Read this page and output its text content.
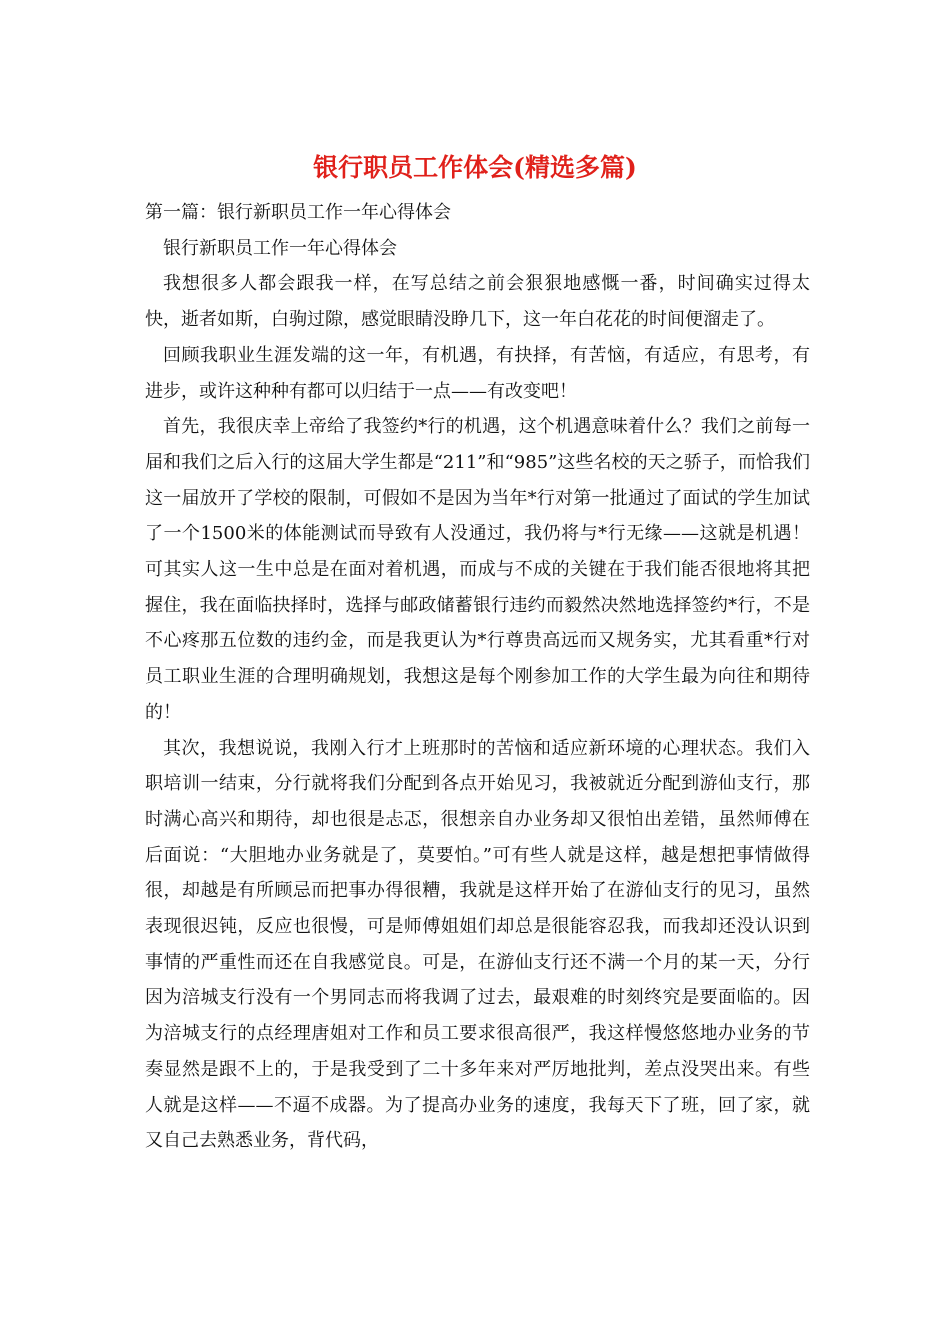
银行职员工作体会(精选多篇)

第一篇：银行新职员工作一年心得体会

银行新职员工作一年心得体会

我想很多人都会跟我一样，在写总结之前会狠狠地感慨一番，时间确实过得太快，逝者如斯，白驹过隙，感觉眼睛没睁几下，这一年白花花的时间便溜走了。

回顾我职业生涯发端的这一年，有机遇，有抉择，有苦恼，有适应，有思考，有进步，或许这种种有都可以归结于一点——有改变吧！

首先，我很庆幸上帝给了我签约*行的机遇，这个机遇意味着什么？我们之前每一届和我们之后入行的这届大学生都是“211”和“985”这些名校的天之骄子，而恰我们这一届放开了学校的限制，可假如不是因为当年*行对第一批通过了面试的学生加试了一个1500米的体能测试而导致有人没通过，我仍将与*行无缘——这就是机遇！可其实人这一生中总是在面对着机遇，而成与不成的关键在于我们能否很地将其把握住，我在面临抉择时，选择与邮政储蓄银行违约而毅然决然地选择签约*行，不是不心疼那五位数的违约金，而是我更认为*行尊贵高远而又规务实，尤其看重*行对员工职业生涯的合理明确规划，我想这是每个刚参加工作的大学生最为向往和期待的！

其次，我想说说，我刚入行才上班那时的苦恼和适应新环境的心理状态。我们入职培训一结束，分行就将我们分配到各点开始见习，我被就近分配到游仙支行，那时满心高兴和期待，却也很是忐忑，很想亲自办业务却又很怕出差错，虽然师傅在后面说：“大胆地办业务就是了，莫要怕。”可有些人就是这样，越是想把事情做得很，却越是有所顾忌而把事办得很糟，我就是这样开始了在游仙支行的见习，虽然表现很迟钝，反应也很慢，可是师傅姐姐们却总是很能容忍我，而我却还没认识到事情的严重性而还在自我感觉良。可是，在游仙支行还不满一个月的某一天，分行因为涪城支行没有一个男同志而将我调了过去，最艰难的时刻终究是要面临的。因为涪城支行的点经理唐姐对工作和员工要求很高很严，我这样慢悠悠地办业务的节奏显然是跟不上的，于是我受到了二十多年来对严厉地批判，差点没哭出来。有些人就是这样——不逼不成器。为了提高办业务的速度，我每天下了班，回了家，就又自己去熟悉业务，背代码，
